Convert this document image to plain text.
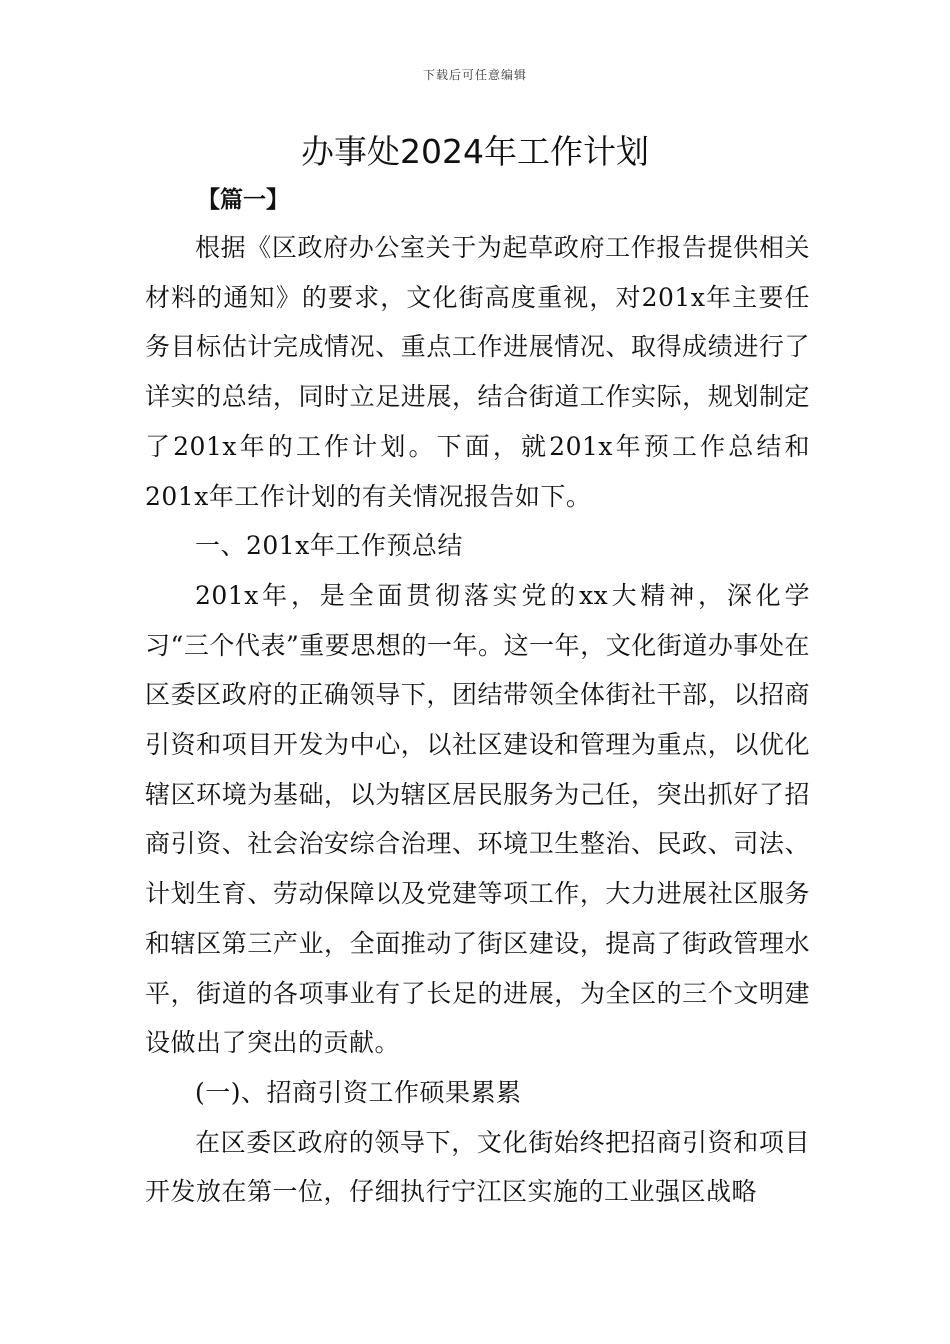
下载后可任意编辑
办事处2024年工作计划
【篇一】

根据《区政府办公室关于为起草政府工作报告提供相关材料的通知》的要求，文化街高度重视，对201x年主要任务目标估计完成情况、重点工作进展情况、取得成绩进行了详实的总结，同时立足进展，结合街道工作实际，规划制定了201x年的工作计划。下面，就201x年预工作总结和201x年工作计划的有关情况报告如下。

一、201x年工作预总结

201x年，是全面贯彻落实党的xx大精神，深化学习“三个代表”重要思想的一年。这一年，文化街道办事处在区委区政府的正确领导下，团结带领全体街社干部，以招商引资和项目开发为中心，以社区建设和管理为重点，以优化辖区环境为基础，以为辖区居民服务为己任，突出抓好了招商引资、社会治安综合治理、环境卫生整治、民政、司法、计划生育、劳动保障以及党建等项工作，大力进展社区服务和辖区第三产业，全面推动了街区建设，提高了街政管理水平，街道的各项事业有了长足的进展，为全区的三个文明建设做出了突出的贡献。

(一)、招商引资工作硕果累累

在区委区政府的领导下，文化街始终把招商引资和项目开发放在第一位，仔细执行宁江区实施的工业强区战略
